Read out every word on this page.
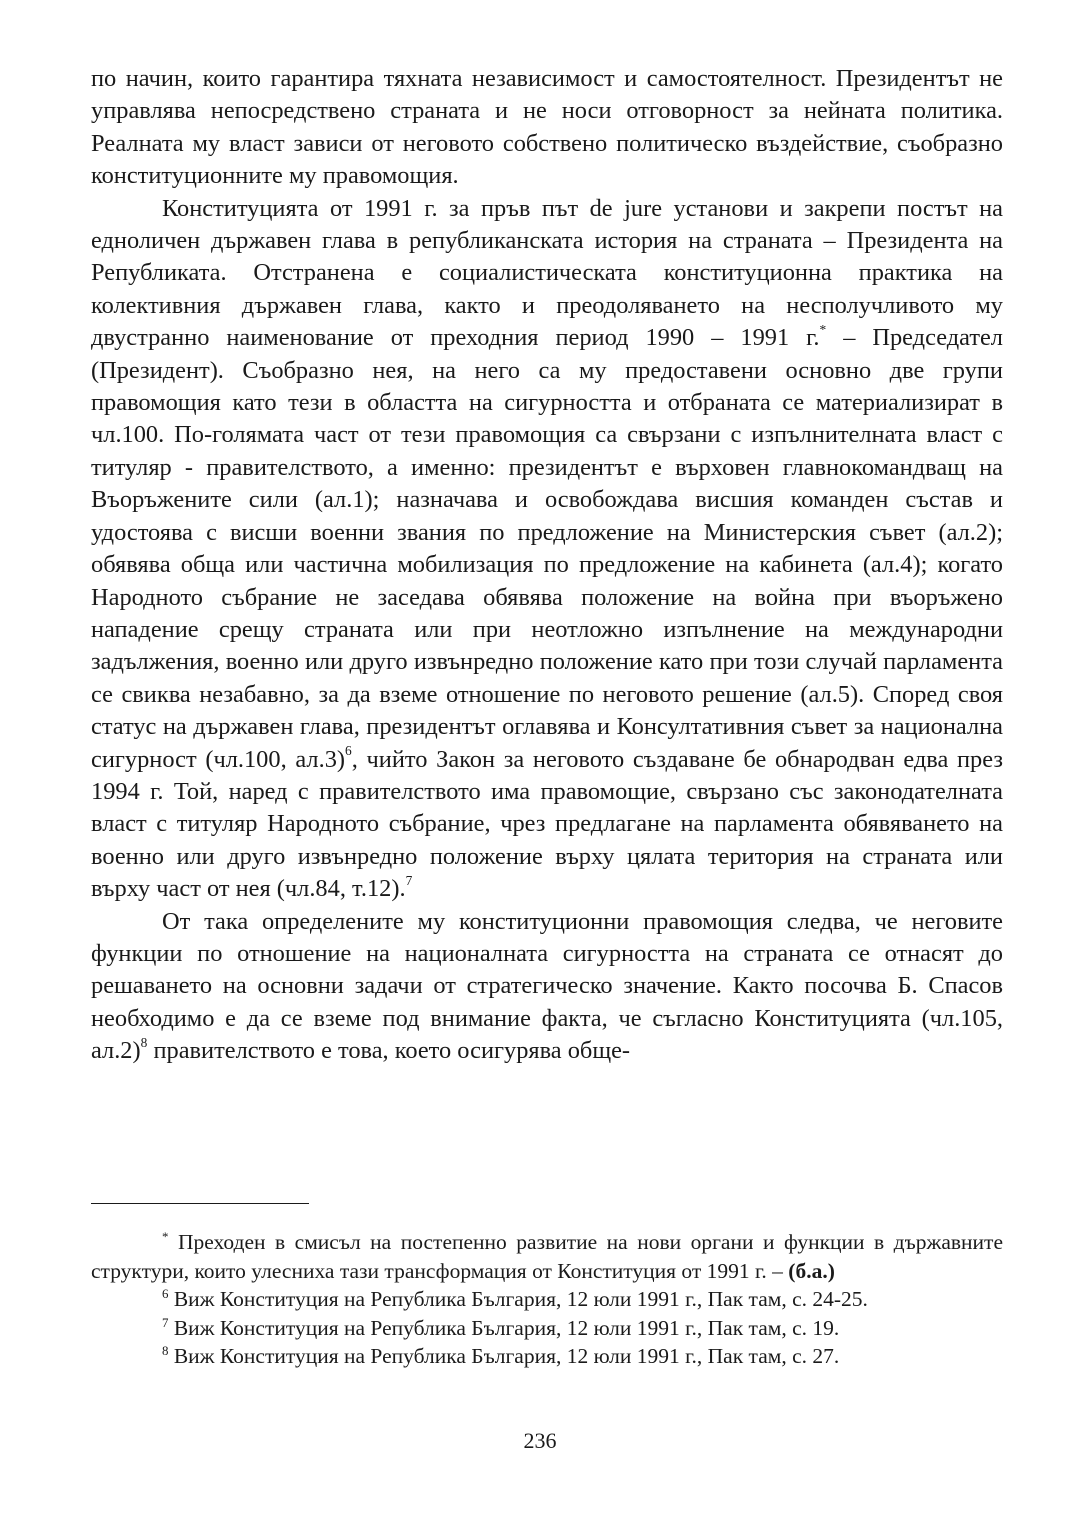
по начин, които гарантира тяхната независимост и самостоятелност. Президентът не управлява непосредствено страната и не носи отговорност за нейната политика. Реалната му власт зависи от неговото собствено политическо въздействие, съобразно конституционните му правомощия.

Конституцията от 1991 г. за пръв път de jure установи и закрепи постът на едноличен държавен глава в републиканската история на страната – Президента на Републиката. Отстранена е социалистическата конституционна практика на колективния държавен глава, както и преодоляването на несполучливото му двустранно наименование от преходния период 1990 – 1991 г.* – Председател (Президент). Съобразно нея, на него са му предоставени основно две групи правомощия като тези в областта на сигурността и отбраната се материализират в чл.100. По-голямата част от тези правомощия са свързани с изпълнителната власт с титуляр - правителството, а именно: президентът е върховен главнокомандващ на Въоръжените сили (ал.1); назначава и освобождава висшия команден състав и удостоява с висши военни звания по предложение на Министерския съвет (ал.2); обявява обща или частична мобилизация по предложение на кабинета (ал.4); когато Народното събрание не заседава обявява положение на война при въоръжено нападение срещу страната или при неотложно изпълнение на международни задължения, военно или друго извънредно положение като при този случай парламента се свиква незабавно, за да вземе отношение по неговото решение (ал.5). Според своя статус на държавен глава, президентът оглавява и Консултативния съвет за национална сигурност (чл.100, ал.3)$^6$, чийто Закон за неговото създаване бе обнародван едва през 1994 г. Той, наред с правителството има правомощие, свързано със законодателната власт с титуляр Народното събрание, чрез предлагане на парламента обявяването на военно или друго извънредно положение върху цялата територия на страната или върху част от нея (чл.84, т.12).$^7$

От така определените му конституционни правомощия следва, че неговите функции по отношение на националната сигурността на страната се отнасят до решаването на основни задачи от стратегическо значение. Както посочва Б. Спасов необходимо е да се вземе под внимание факта, че съгласно Конституцията (чл.105, ал.2)$^8$ правителството е това, което осигурява обще-

* Преходен в смисъл на постепенно развитие на нови органи и функции в държавните структури, които улесниха тази трансформация от Конституция от 1991 г. – (б.а.)

$^6$ Виж Конституция на Република България, 12 юли 1991 г., Пак там, с. 24-25.

$^7$ Виж Конституция на Република България, 12 юли 1991 г., Пак там, с. 19.

$^8$ Виж Конституция на Република България, 12 юли 1991 г., Пак там, с. 27.

236
